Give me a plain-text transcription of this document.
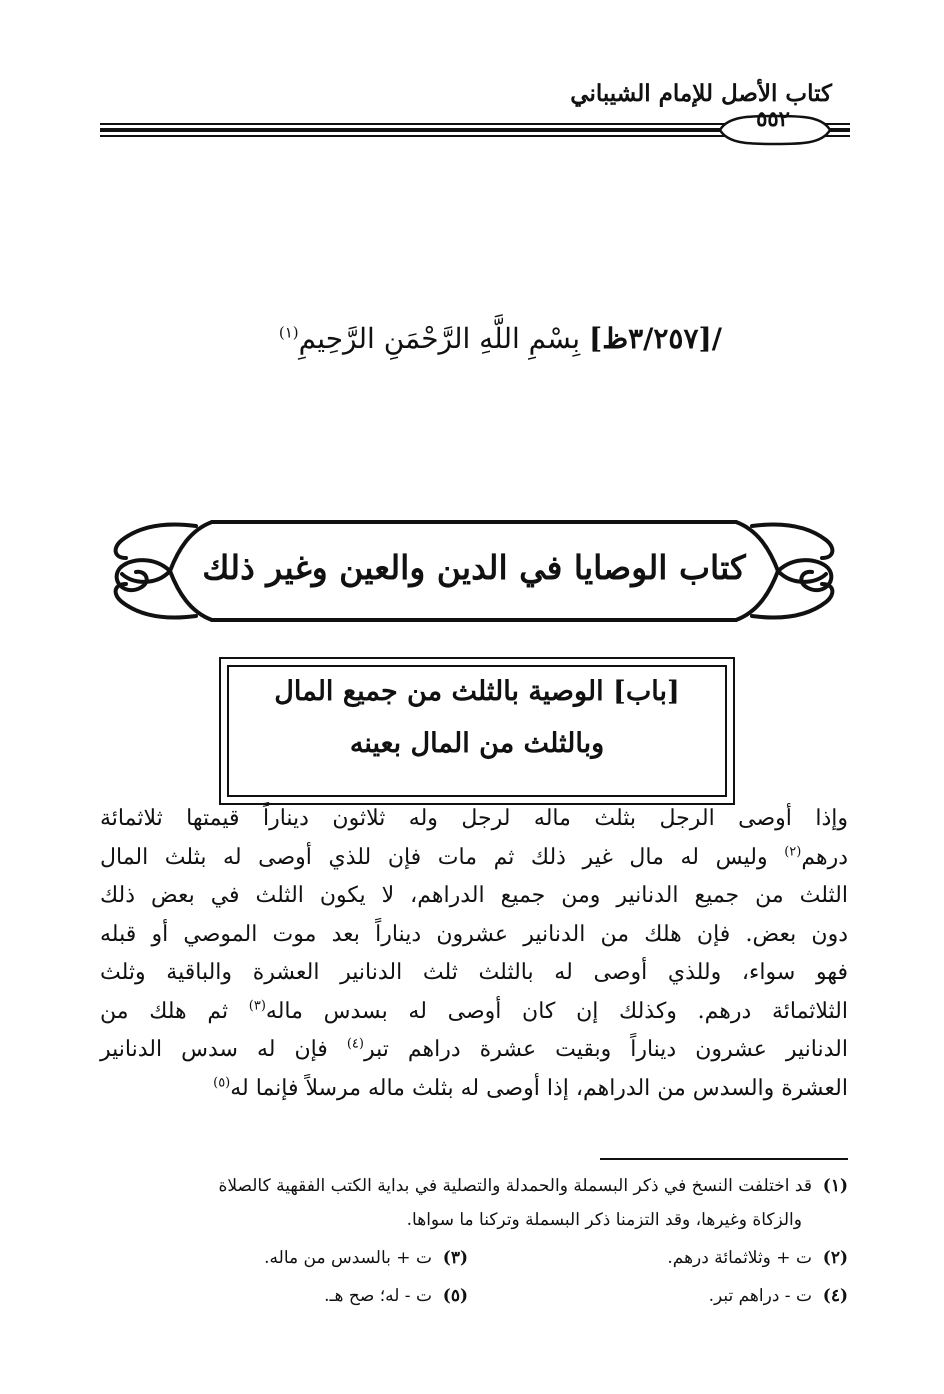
كتاب الأصل للإمام الشيباني
٥٥٢
/[٣/٢٥٧ظ] بِسْمِ اللَّهِ الرَّحْمَنِ الرَّحِيمِ$^{(١)}$
كتاب الوصايا في الدين والعين وغير ذلك
[باب] الوصية بالثلث من جميع المال
وبالثلث من المال بعينه
وإذا أوصى الرجل بثلث ماله لرجل وله ثلاثون ديناراً قيمتها ثلاثمائة
درهم$^{(٢)}$ وليس له مال غير ذلك ثم مات فإن للذي أوصى له بثلث المال
الثلث من جميع الدنانير ومن جميع الدراهم، لا يكون الثلث في بعض ذلك
دون بعض. فإن هلك من الدنانير عشرون ديناراً بعد موت الموصي أو قبله
فهو سواء، وللذي أوصى له بالثلث ثلث الدنانير العشرة والباقية وثلث
الثلاثمائة درهم. وكذلك إن كان أوصى له بسدس ماله$^{(٣)}$ ثم هلك من
الدنانير عشرون ديناراً وبقيت عشرة دراهم تبر$^{(٤)}$ فإن له سدس الدنانير
العشرة والسدس من الدراهم، إذا أوصى له بثلث ماله مرسلاً فإنما له$^{(٥)}$
(١)  قد اختلفت النسخ في ذكر البسملة والحمدلة والتصلية في بداية الكتب الفقهية كالصلاة
والزكاة وغيرها، وقد التزمنا ذكر البسملة وتركنا ما سواها.
(٢)  ت + وثلاثمائة درهم.
(٣)  ت + بالسدس من ماله.
(٤)  ت - دراهم تبر.
(٥)  ت - له؛ صح هـ.
